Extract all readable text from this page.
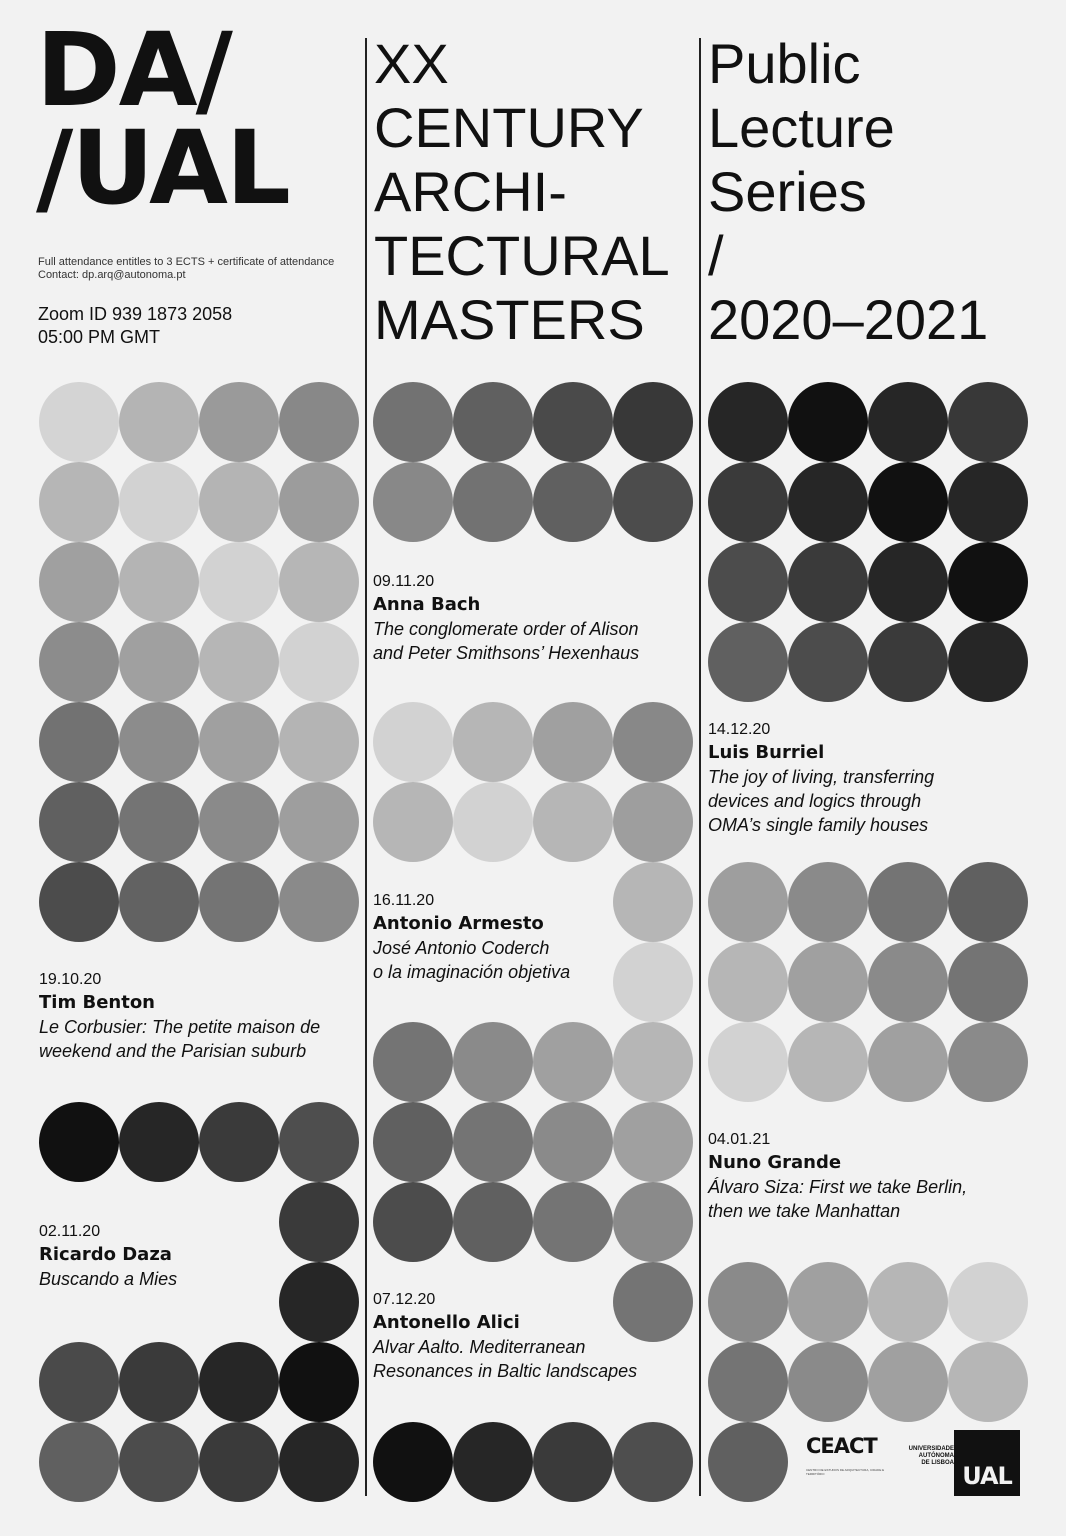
DA/
/UAL
XX
CENTURY
ARCHI-
TECTURAL
MASTERS
Public
Lecture
Series
/
2020–2021
Full attendance entitles to 3 ECTS + certificate of attendance
Contact: dp.arq@autonoma.pt
Zoom ID 939 1873 2058
05:00 PM GMT
19.10.20
Tim Benton
Le Corbusier: The petite maison de
weekend and the Parisian suburb
02.11.20
Ricardo Daza
Buscando a Mies
09.11.20
Anna Bach
The conglomerate order of Alison
and Peter Smithsons’ Hexenhaus
16.11.20
Antonio Armesto
José Antonio Coderch
o la imaginación objetiva
07.12.20
Antonello Alici
Alvar Aalto. Mediterranean
Resonances in Baltic landscapes
14.12.20
Luis Burriel
The joy of living, transferring
devices and logics through
OMA’s single family houses
04.01.21
Nuno Grande
Álvaro Siza: First we take Berlin,
then we take Manhattan
CEACT
CENTRO DE ESTUDOS DE ARQUITECTURA, CIDADE E TERRITÓRIO
UNIVERSIDADE
AUTÓNOMA
DE LISBOA UAL
